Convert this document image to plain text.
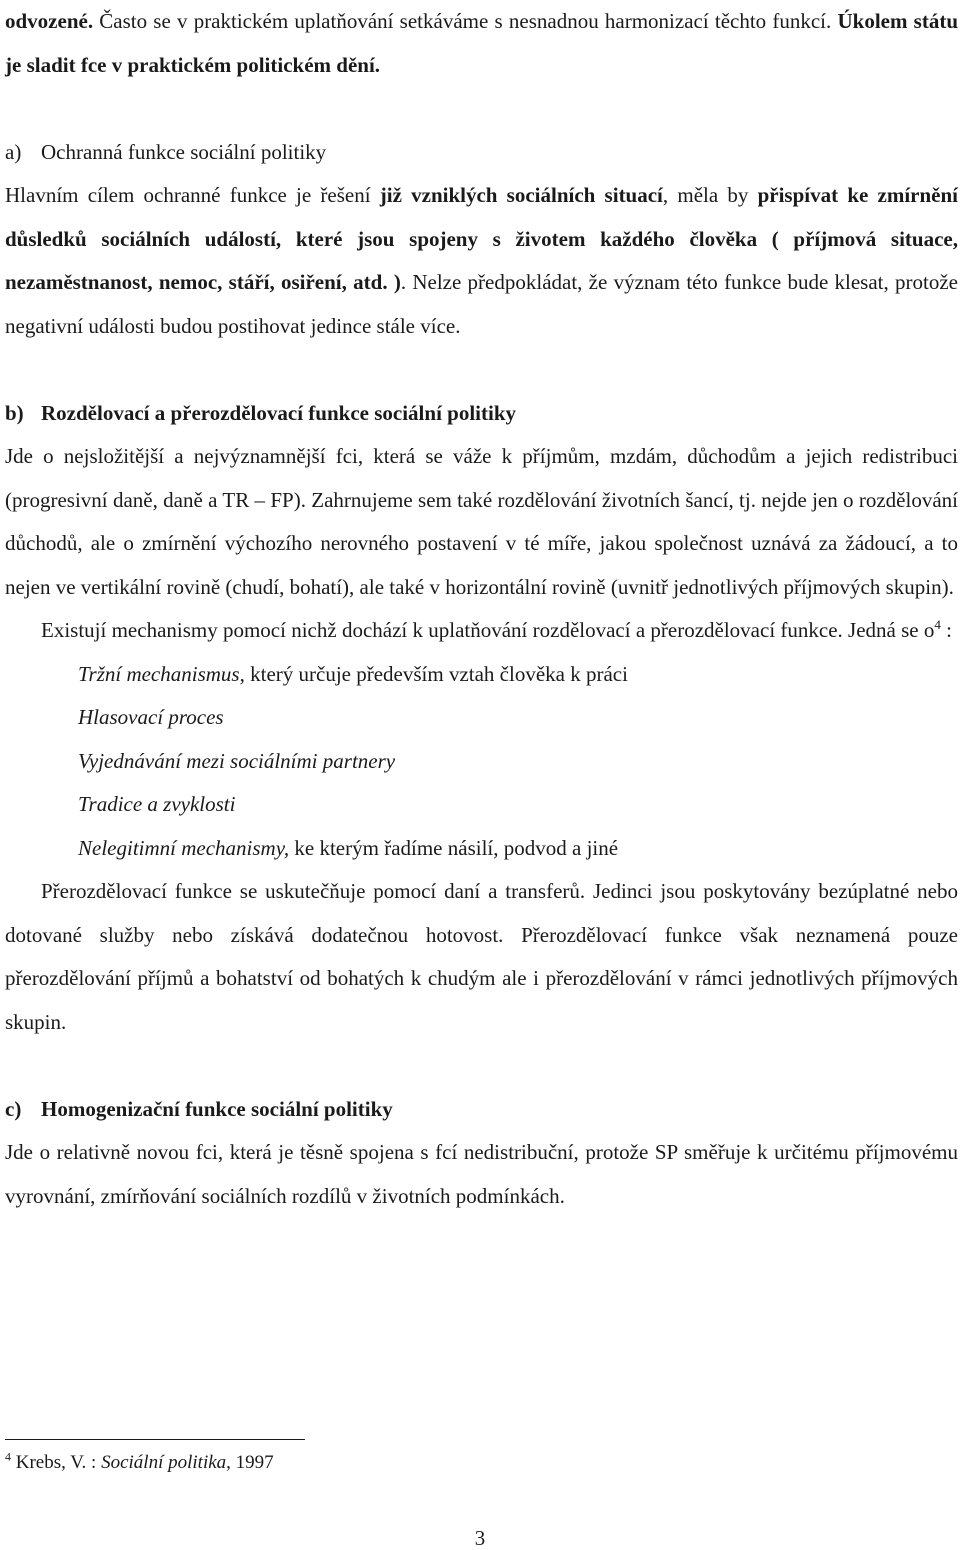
odvozené. Často se v praktickém uplatňování setkáváme s nesnadnou harmonizací těchto funkcí. Úkolem státu je sladit fce v praktickém politickém dění.

a) Ochranná funkce sociální politiky

Hlavním cílem ochranné funkce je řešení již vzniklých sociálních situací, měla by přispívat ke zmírnění důsledků sociálních událostí, které jsou spojeny s životem každého člověka ( příjmová situace, nezaměstnanost, nemoc, stáří, osiření, atd. ). Nelze předpokládat, že význam této funkce bude klesat, protože negativní události budou postihovat jedince stále více.

b) Rozdělovací a přerozdělovací funkce sociální politiky

Jde o nejsložitější a nejvýznamnější fci, která se váže k příjmům, mzdám, důchodům a jejich redistribuci (progresivní daně, daně a TR – FP). Zahrnujeme sem také rozdělování životních šancí, tj. nejde jen o rozdělování důchodů, ale o zmírnění výchozího nerovného postavení v té míře, jakou společnost uznává za žádoucí, a to nejen ve vertikální rovině (chudí, bohatí), ale také v horizontální rovině (uvnitř jednotlivých příjmových skupin).

Existují mechanismy pomocí nichž dochází k uplatňování rozdělovací a přerozdělovací funkce. Jedná se $o^4$ :

Tržní mechanismus, který určuje především vztah člověka k práci
Hlasovací proces
Vyjednávání mezi sociálními partnery
Tradice a zvyklosti
Nelegitimní mechanismy, ke kterým řadíme násilí, podvod a jiné

Přerozdělovací funkce se uskutečňuje pomocí daní a transferů. Jedinci jsou poskytovány bezúplatné nebo dotované služby nebo získává dodatečnou hotovost. Přerozdělovací funkce však neznamená pouze přerozdělování příjmů a bohatství od bohatých k chudým ale i přerozdělování v rámci jednotlivých příjmových skupin.

c) Homogenizační funkce sociální politiky

Jde o relativně novou fci, která je těsně spojena s fcí nedistribuční, protože SP směřuje k určitému příjmovému vyrovnání, zmírňování sociálních rozdílů v životních podmínkách.

$^4$ Krebs, V. : Sociální politika, 1997
3
